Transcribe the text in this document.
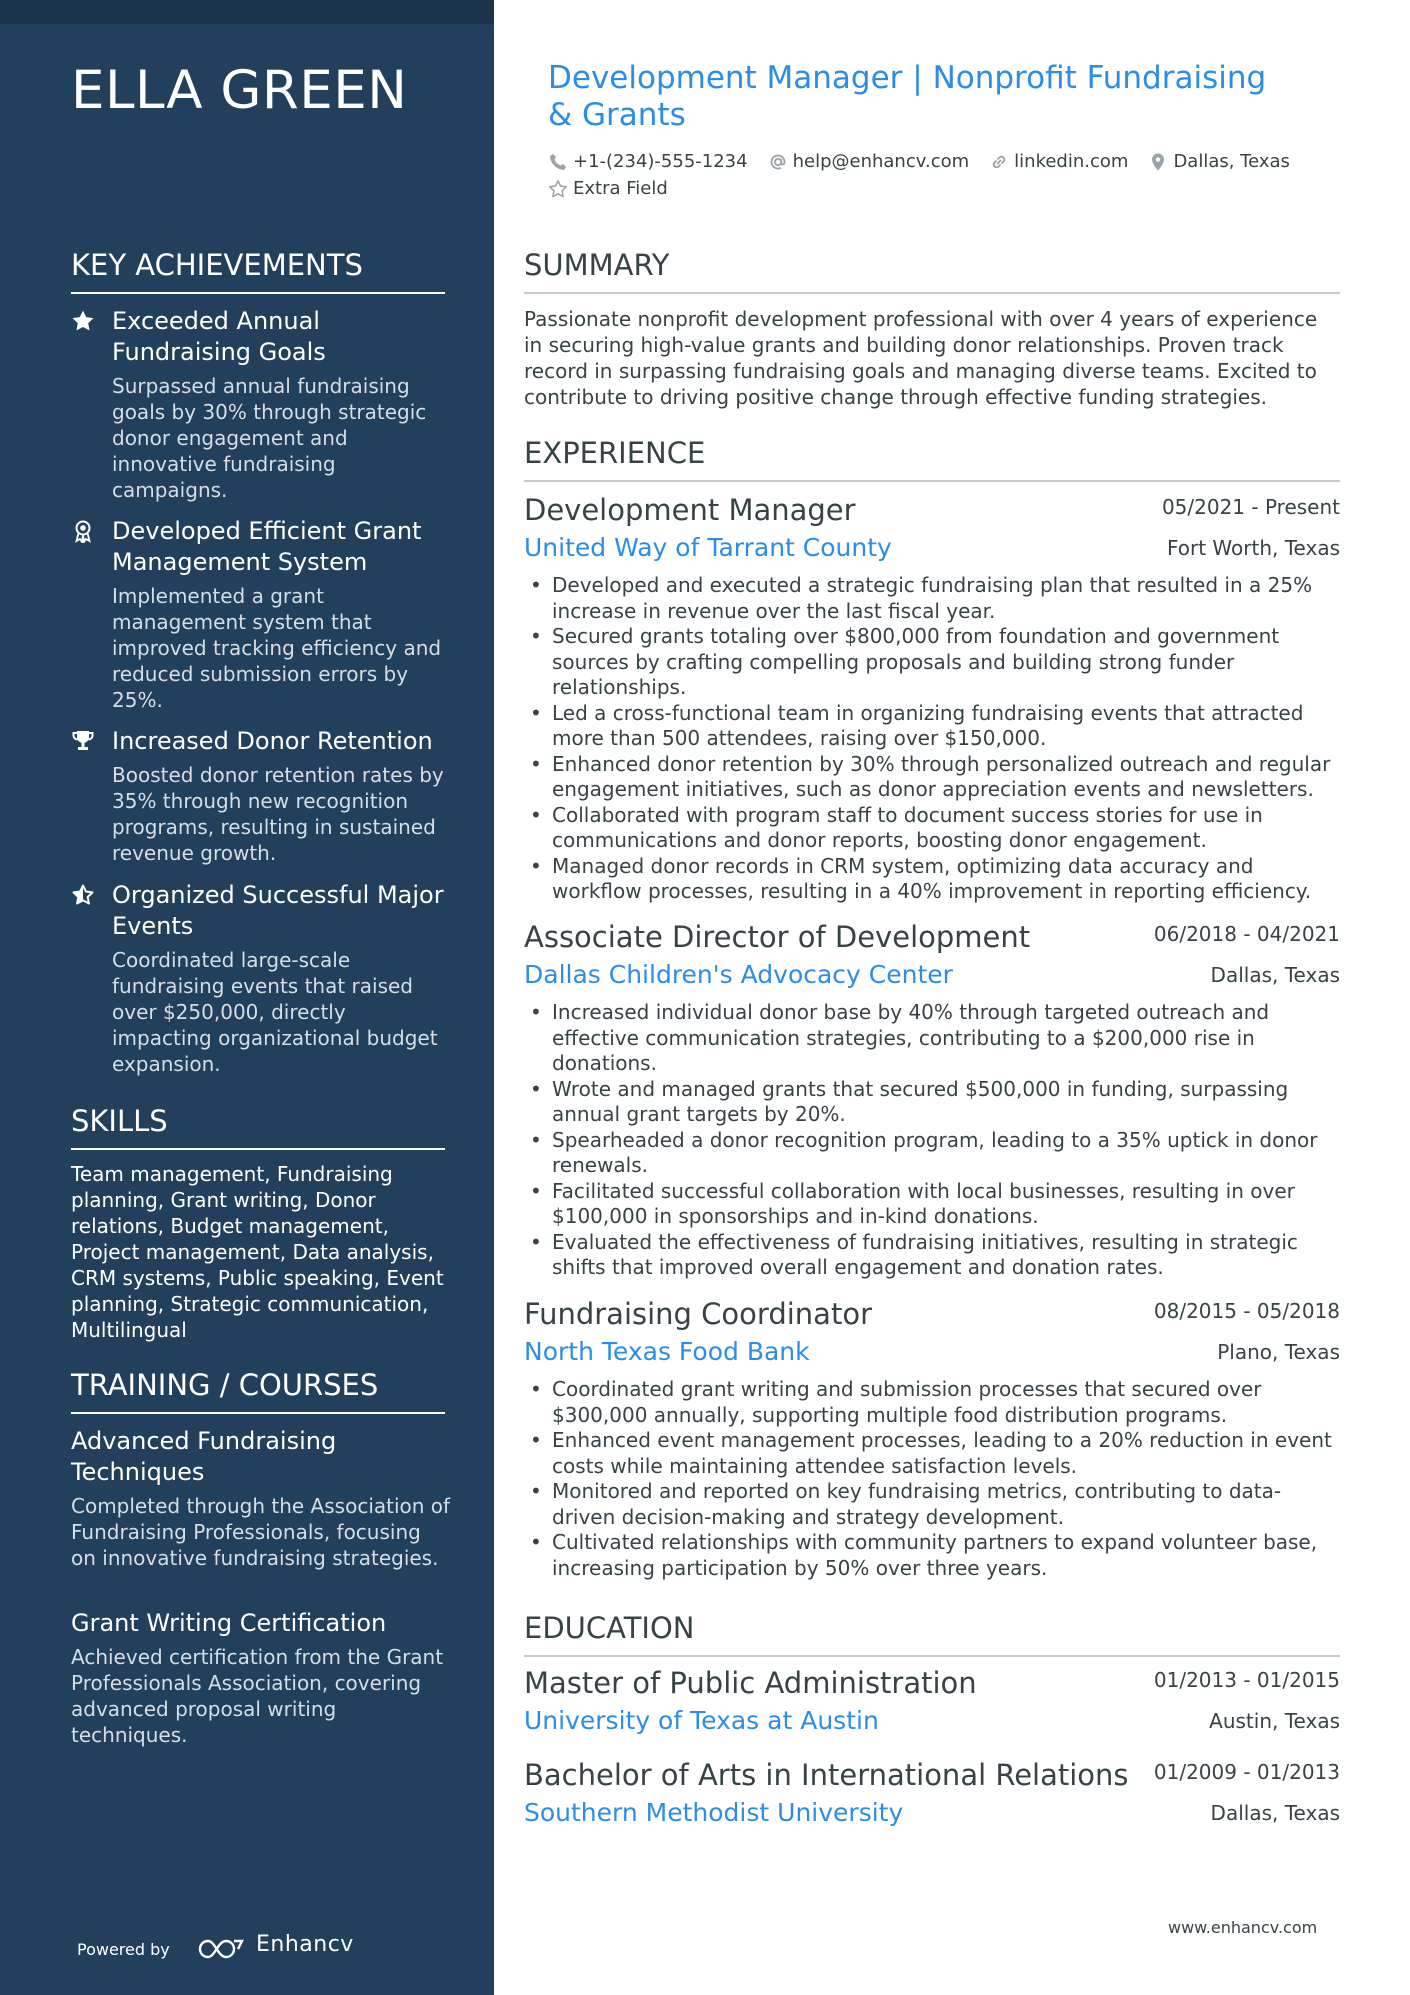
ELLA GREEN
KEY ACHIEVEMENTS
Exceeded Annual Fundraising Goals
Surpassed annual fundraising goals by 30% through strategic donor engagement and innovative fundraising campaigns.
Developed Efficient Grant Management System
Implemented a grant management system that improved tracking efficiency and reduced submission errors by 25%.
Increased Donor Retention
Boosted donor retention rates by 35% through new recognition programs, resulting in sustained revenue growth.
Organized Successful Major Events
Coordinated large-scale fundraising events that raised over $250,000, directly impacting organizational budget expansion.
SKILLS
Team management, Fundraising planning, Grant writing, Donor relations, Budget management, Project management, Data analysis, CRM systems, Public speaking, Event planning, Strategic communication, Multilingual
TRAINING / COURSES
Advanced Fundraising Techniques
Completed through the Association of Fundraising Professionals, focusing on innovative fundraising strategies.
Grant Writing Certification
Achieved certification from the Grant Professionals Association, covering advanced proposal writing techniques.
Powered by	Enhancv
Development Manager | Nonprofit Fundraising & Grants
+1-(234)-555-1234	help@enhancv.com	linkedin.com	Dallas, Texas
Extra Field
SUMMARY
Passionate nonprofit development professional with over 4 years of experience in securing high-value grants and building donor relationships. Proven track record in surpassing fundraising goals and managing diverse teams. Excited to contribute to driving positive change through effective funding strategies.
EXPERIENCE
Development Manager	05/2021 - Present
United Way of Tarrant County	Fort Worth, Texas
• Developed and executed a strategic fundraising plan that resulted in a 25% increase in revenue over the last fiscal year.
• Secured grants totaling over $800,000 from foundation and government sources by crafting compelling proposals and building strong funder relationships.
• Led a cross-functional team in organizing fundraising events that attracted more than 500 attendees, raising over $150,000.
• Enhanced donor retention by 30% through personalized outreach and regular engagement initiatives, such as donor appreciation events and newsletters.
• Collaborated with program staff to document success stories for use in communications and donor reports, boosting donor engagement.
• Managed donor records in CRM system, optimizing data accuracy and workflow processes, resulting in a 40% improvement in reporting efficiency.
Associate Director of Development	06/2018 - 04/2021
Dallas Children's Advocacy Center	Dallas, Texas
• Increased individual donor base by 40% through targeted outreach and effective communication strategies, contributing to a $200,000 rise in donations.
• Wrote and managed grants that secured $500,000 in funding, surpassing annual grant targets by 20%.
• Spearheaded a donor recognition program, leading to a 35% uptick in donor renewals.
• Facilitated successful collaboration with local businesses, resulting in over $100,000 in sponsorships and in-kind donations.
• Evaluated the effectiveness of fundraising initiatives, resulting in strategic shifts that improved overall engagement and donation rates.
Fundraising Coordinator	08/2015 - 05/2018
North Texas Food Bank	Plano, Texas
• Coordinated grant writing and submission processes that secured over $300,000 annually, supporting multiple food distribution programs.
• Enhanced event management processes, leading to a 20% reduction in event costs while maintaining attendee satisfaction levels.
• Monitored and reported on key fundraising metrics, contributing to data-driven decision-making and strategy development.
• Cultivated relationships with community partners to expand volunteer base, increasing participation by 50% over three years.
EDUCATION
Master of Public Administration	01/2013 - 01/2015
University of Texas at Austin	Austin, Texas
Bachelor of Arts in International Relations 01/2009 - 01/2013
Southern Methodist University	Dallas, Texas
www.enhancv.com
